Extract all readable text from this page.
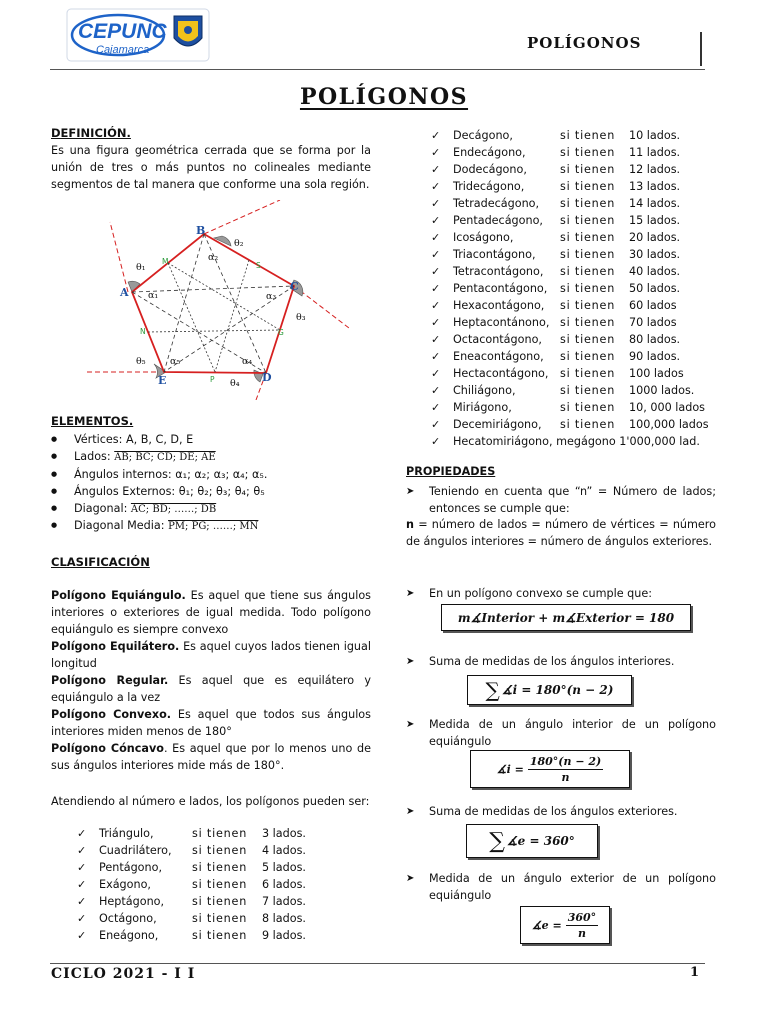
CEPUNC
Cajamarca	POLÍGONOS
POLÍGONOS
DEFINICIÓN.
Es una figura geométrica cerrada que se forma por la unión de tres o más puntos no colineales mediante segmentos de tal manera que conforme una sola región.
B
C
D
E
A
M	S
G
P
N
θ₂
θ₃
θ₄
θ₅
θ₁
α₂
α₃
α₄
α₅
α₁
ELEMENTOS.
● Vértices: A, B, C, D, E
● Lados: AB; BC; CD; DE; AE
● Ángulos internos: α₁; α₂; α₃; α₄; α₅.
● Ángulos Externos: θ₁; θ₂; θ₃; θ₄; θ₅
● Diagonal: AC; BD; ……; DB
● Diagonal Media: PM; PG; ……; MN
CLASIFICACIÓN

Polígono Equiángulo. Es aquel que tiene sus ángulos interiores o exteriores de igual medida. Todo polígono equiángulo es siempre convexo

Polígono Equilátero. Es aquel cuyos lados tienen igual longitud

Polígono Regular. Es aquel que es equilátero y equiángulo a la vez

Polígono Convexo. Es aquel que todos sus ángulos interiores miden menos de 180°

Polígono Cóncavo. Es aquel que por lo menos uno de sus ángulos interiores mide más de 180°.

Atendiendo al número e lados, los polígonos pueden ser:
✓ Triángulo,	si tienen 3 lados.
✓ Cuadrilátero, si tienen 4 lados.
✓ Pentágono,	si tienen 5 lados.
✓ Exágono,	si tienen 6 lados.
✓ Heptágono, si tienen 7 lados.
✓ Octágono,	si tienen 8 lados.
✓ Eneágono,	si tienen 9 lados.
✓ Decágono,	si tienen 10 lados.
✓ Endecágono,	si tienen 11 lados.
✓ Dodecágono,	si tienen 12 lados.
✓ Tridecágono,	si tienen 13 lados.
✓ Tetradecágono, si tienen 14 lados.
✓ Pentadecágono, si tienen 15 lados.
✓ Icoságono,	si tienen 20 lados.
✓ Triacontágono, si tienen 30 lados.
✓ Tetracontágono, si tienen 40 lados.
✓ Pentacontágono, si tienen 50 lados.
✓ Hexacontágono, si tienen 60 lados
✓ Heptacontánono, si tienen 70 lados
✓ Octacontágono, si tienen 80 lados.
✓ Eneacontágono, si tienen 90 lados.
✓ Hectacontágono, si tienen 100 lados
✓ Chiliágono,	si tienen 1000 lados.
✓ Miriágono,	si tienen 10, 000 lados
✓ Decemiriágono, si tienen 100,000 lados
✓ Hecatomiriágono, megágono 1'000,000 lad.
PROPIEDADES
➤	Teniendo en cuenta que “n” = Número de lados; entonces se cumple que:
n = número de lados = número de vértices = número de ángulos interiores = número de ángulos exteriores.
➤	En un polígono convexo se cumple que:
m∡Interior + m∡Exterior = 180
➤	Suma de medidas de los ángulos interiores.
∑ ∡i = 180°(n − 2)
➤	Medida de un ángulo interior de un polígono equiángulo
∡i = $\frac{180^\circ(n - 2)}{n}$
➤	Suma de medidas de los ángulos exteriores.
∑ ∡e = 360°
➤	Medida de un ángulo exterior de un polígono equiángulo
∡e = $\frac{360^\circ}{n}$
CICLO 2021 - I I	1
